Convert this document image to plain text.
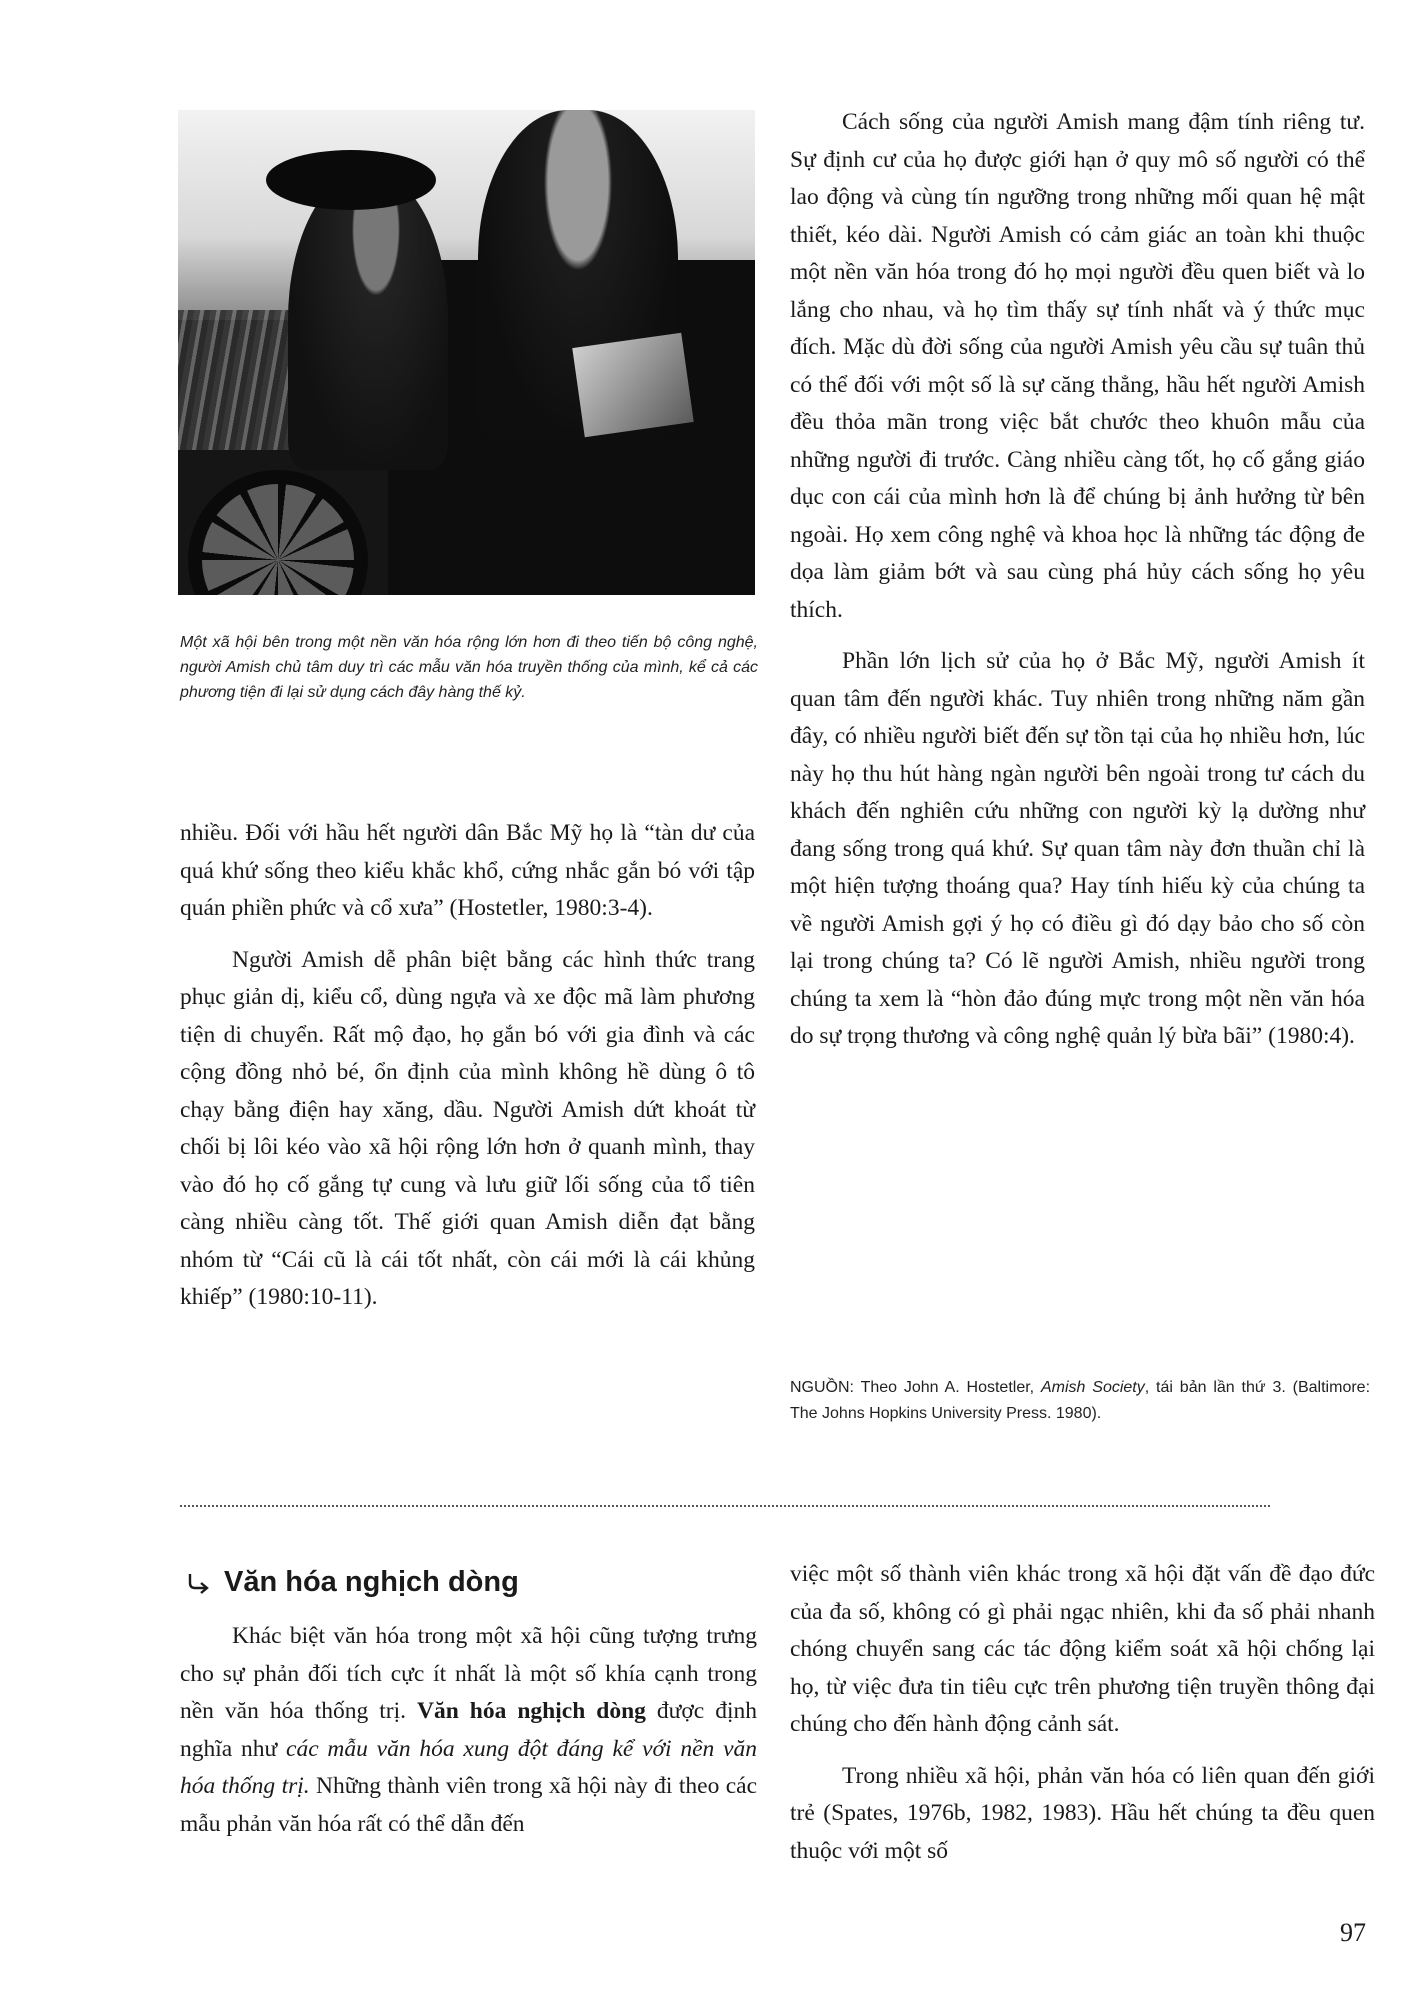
Một xã hội bên trong một nền văn hóa rộng lớn hơn đi theo tiến bộ công nghệ, người Amish chủ tâm duy trì các mẫu văn hóa truyền thống của mình, kể cả các phương tiện đi lại sử dụng cách đây hàng thế kỷ.

nhiều. Đối với hầu hết người dân Bắc Mỹ họ là “tàn dư của quá khứ sống theo kiểu khắc khổ, cứng nhắc gắn bó với tập quán phiền phức và cổ xưa” (Hostetler, 1980:3-4).

Người Amish dễ phân biệt bằng các hình thức trang phục giản dị, kiểu cổ, dùng ngựa và xe độc mã làm phương tiện di chuyển. Rất mộ đạo, họ gắn bó với gia đình và các cộng đồng nhỏ bé, ổn định của mình không hề dùng ô tô chạy bằng điện hay xăng, dầu. Người Amish dứt khoát từ chối bị lôi kéo vào xã hội rộng lớn hơn ở quanh mình, thay vào đó họ cố gắng tự cung và lưu giữ lối sống của tổ tiên càng nhiều càng tốt. Thế giới quan Amish diễn đạt bằng nhóm từ “Cái cũ là cái tốt nhất, còn cái mới là cái khủng khiếp” (1980:10-11).

Cách sống của người Amish mang đậm tính riêng tư. Sự định cư của họ được giới hạn ở quy mô số người có thể lao động và cùng tín ngưỡng trong những mối quan hệ mật thiết, kéo dài. Người Amish có cảm giác an toàn khi thuộc một nền văn hóa trong đó họ mọi người đều quen biết và lo lắng cho nhau, và họ tìm thấy sự tính nhất và ý thức mục đích. Mặc dù đời sống của người Amish yêu cầu sự tuân thủ có thể đối với một số là sự căng thẳng, hầu hết người Amish đều thỏa mãn trong việc bắt chước theo khuôn mẫu của những người đi trước. Càng nhiều càng tốt, họ cố gắng giáo dục con cái của mình hơn là để chúng bị ảnh hưởng từ bên ngoài. Họ xem công nghệ và khoa học là những tác động đe dọa làm giảm bớt và sau cùng phá hủy cách sống họ yêu thích.

Phần lớn lịch sử của họ ở Bắc Mỹ, người Amish ít quan tâm đến người khác. Tuy nhiên trong những năm gần đây, có nhiều người biết đến sự tồn tại của họ nhiều hơn, lúc này họ thu hút hàng ngàn người bên ngoài trong tư cách du khách đến nghiên cứu những con người kỳ lạ dường như đang sống trong quá khứ. Sự quan tâm này đơn thuần chỉ là một hiện tượng thoáng qua? Hay tính hiếu kỳ của chúng ta về người Amish gợi ý họ có điều gì đó dạy bảo cho số còn lại trong chúng ta? Có lẽ người Amish, nhiều người trong chúng ta xem là “hòn đảo đúng mực trong một nền văn hóa do sự trọng thương và công nghệ quản lý bừa bãi” (1980:4).

NGUỒN: Theo John A. Hostetler, Amish Society, tái bản lần thứ 3. (Baltimore: The Johns Hopkins University Press. 1980).
Văn hóa nghịch dòng

Khác biệt văn hóa trong một xã hội cũng tượng trưng cho sự phản đối tích cực ít nhất là một số khía cạnh trong nền văn hóa thống trị. Văn hóa nghịch dòng được định nghĩa như các mẫu văn hóa xung đột đáng kể với nền văn hóa thống trị. Những thành viên trong xã hội này đi theo các mẫu phản văn hóa rất có thể dẫn đến

việc một số thành viên khác trong xã hội đặt vấn đề đạo đức của đa số, không có gì phải ngạc nhiên, khi đa số phải nhanh chóng chuyển sang các tác động kiểm soát xã hội chống lại họ, từ việc đưa tin tiêu cực trên phương tiện truyền thông đại chúng cho đến hành động cảnh sát.

Trong nhiều xã hội, phản văn hóa có liên quan đến giới trẻ (Spates, 1976b, 1982, 1983). Hầu hết chúng ta đều quen thuộc với một số

97
